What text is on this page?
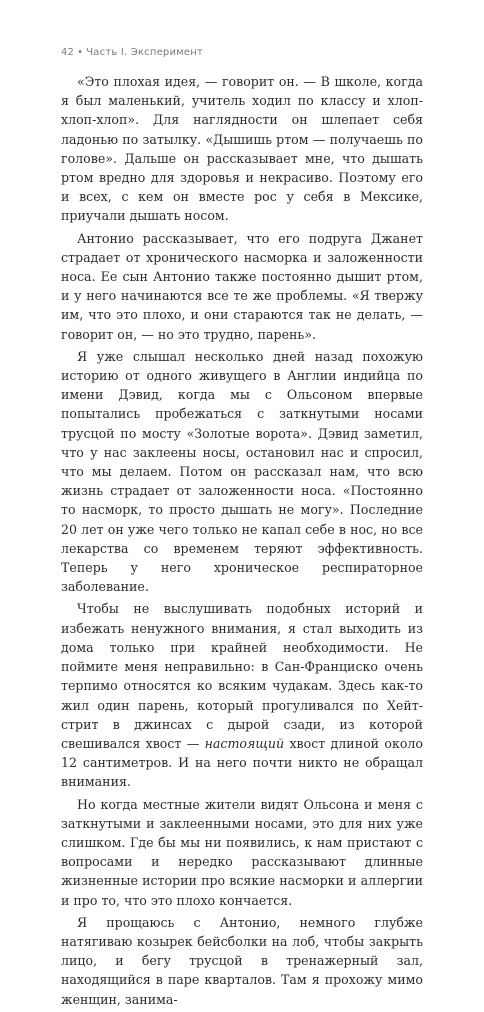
42 • Часть I. Эксперимент

«Это плохая идея, — говорит он. — В школе, когда я был маленький, учитель ходил по классу и хлоп-хлоп-хлоп». Для наглядности он шлепает себя ладонью по затылку. «Дышишь ртом — получаешь по голове». Дальше он рассказывает мне, что дышать ртом вредно для здоровья и некрасиво. Поэтому его и всех, с кем он вместе рос у себя в Мексике, приучали дышать носом.

Антонио рассказывает, что его подруга Джанет страдает от хронического насморка и заложенности носа. Ее сын Антонио также постоянно дышит ртом, и у него начинаются все те же проблемы. «Я твержу им, что это плохо, и они стараются так не делать, — говорит он, — но это трудно, парень».

Я уже слышал несколько дней назад похожую историю от одного живущего в Англии индийца по имени Дэвид, когда мы с Ольсоном впервые попытались пробежаться с заткнутыми носами трусцой по мосту «Золотые ворота». Дэвид заметил, что у нас заклеены носы, остановил нас и спросил, что мы делаем. Потом он рассказал нам, что всю жизнь страдает от заложенности носа. «Постоянно то насморк, то просто дышать не могу». Последние 20 лет он уже чего только не капал себе в нос, но все лекарства со временем теряют эффективность. Теперь у него хроническое респираторное заболевание.

Чтобы не выслушивать подобных историй и избежать ненужного внимания, я стал выходить из дома только при крайней необходимости. Не поймите меня неправильно: в Сан-Франциско очень терпимо относятся ко всяким чудакам. Здесь как-то жил один парень, который прогуливался по Хейт-стрит в джинсах с дырой сзади, из которой свешивался хвост — настоящий хвост длиной около 12 сантиметров. И на него почти никто не обращал внимания.

Но когда местные жители видят Ольсона и меня с заткнутыми и заклеенными носами, это для них уже слишком. Где бы мы ни появились, к нам пристают с вопросами и нередко рассказывают длинные жизненные истории про всякие насморки и аллергии и про то, что это плохо кончается.

Я прощаюсь с Антонио, немного глубже натягиваю козырек бейсболки на лоб, чтобы закрыть лицо, и бегу трусцой в тренажерный зал, находящийся в паре кварталов. Там я прохожу мимо женщин, занима-
